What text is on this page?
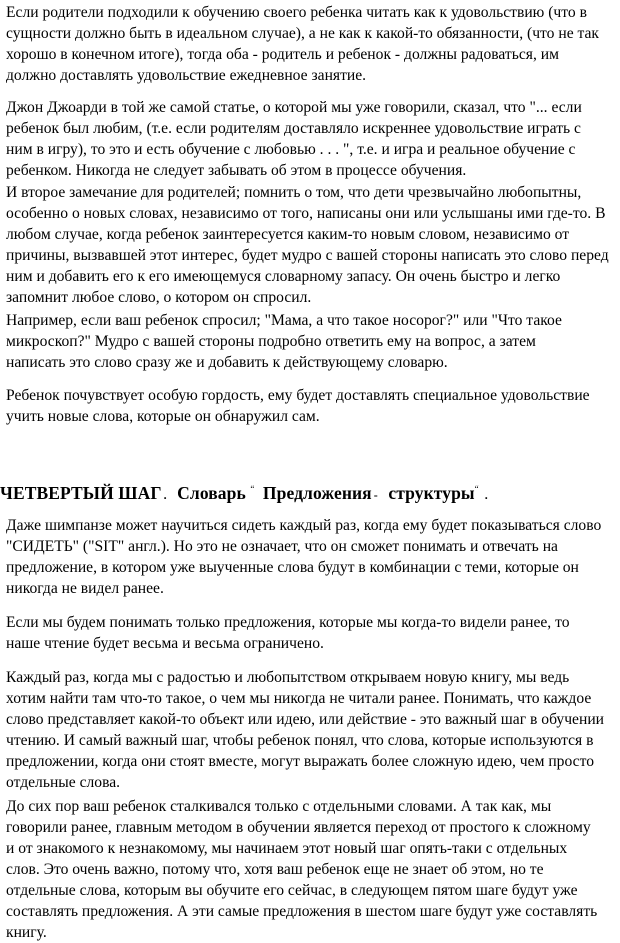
Если родители подходили к обучению своего ребенка читать как к удовольствию (что в
сущности должно быть в идеальном случае), а не как к какой-то обязанности, (что не так
хорошо в конечном итоге), тогда оба - родитель и ребенок - должны радоваться, им
должно доставлять удовольствие ежедневное занятие.
Джон Джоарди в той же самой статье, о которой мы уже говорили, сказал, что "... если
ребенок был любим, (т.е. если родителям доставляло искреннее удовольствие играть с
ним в игру), то это и есть обучение с любовью . . . ", т.е. и игра и реальное обучение с
ребенком. Никогда не следует забывать об этом в процессе обучения.
И второе замечание для родителей; помнить о том, что дети чрезвычайно любопытны,
особенно о новых словах, независимо от того, написаны они или услышаны ими где-то. В
любом случае, когда ребенок заинтересуется каким-то новым словом, независимо от
причины, вызвавшей этот интерес, будет мудро с вашей стороны написать это слово перед
ним и добавить его к его имеющемуся словарному запасу. Он очень быстро и легко
запомнит любое слово, о котором он спросил.
Например, если ваш ребенок спросил; "Мама, а что такое носорог?" или "Что такое
микроскоп?" Мудро с вашей стороны подробно ответить ему на вопрос, а затем
написать это слово сразу же и добавить к действующему словарю.
Ребенок почувствует особую гордость, ему будет доставлять специальное удовольствие
учить новые слова, которые он обнаружил сам.
ЧЕТВЕРТЫЙ ШАГ . Словарь “ Предложения - структуры“ .
Даже шимпанзе может научиться сидеть каждый раз, когда ему будет показываться слово
"СИДЕТЬ" ("SIT" англ.). Но это не означает, что он сможет понимать и отвечать на
предложение, в котором уже выученные слова будут в комбинации с теми, которые он
никогда не видел ранее.
Если мы будем понимать только предложения, которые мы когда-то видели ранее, то
наше чтение будет весьма и весьма ограничено.
Каждый раз, когда мы с радостью и любопытством открываем новую книгу, мы ведь
хотим найти там что-то такое, о чем мы никогда не читали ранее. Понимать, что каждое
слово представляет какой-то объект или идею, или действие - это важный шаг в обучении
чтению. И самый важный шаг, чтобы ребенок понял, что слова, которые используются в
предложении, когда они стоят вместе, могут выражать более сложную идею, чем просто
отдельные слова.
До сих пор ваш ребенок сталкивался только с отдельными словами. А так как, мы
говорили ранее, главным методом в обучении является переход от простого к сложному
и от знакомого к незнакомому, мы начинаем этот новый шаг опять-таки с отдельных
слов. Это очень важно, потому что, хотя ваш ребенок еще не знает об этом, но те
отдельные слова, которым вы обучите его сейчас, в следующем пятом шаге будут уже
составлять предложения. А эти самые предложения в шестом шаге будут уже составлять
книгу.
